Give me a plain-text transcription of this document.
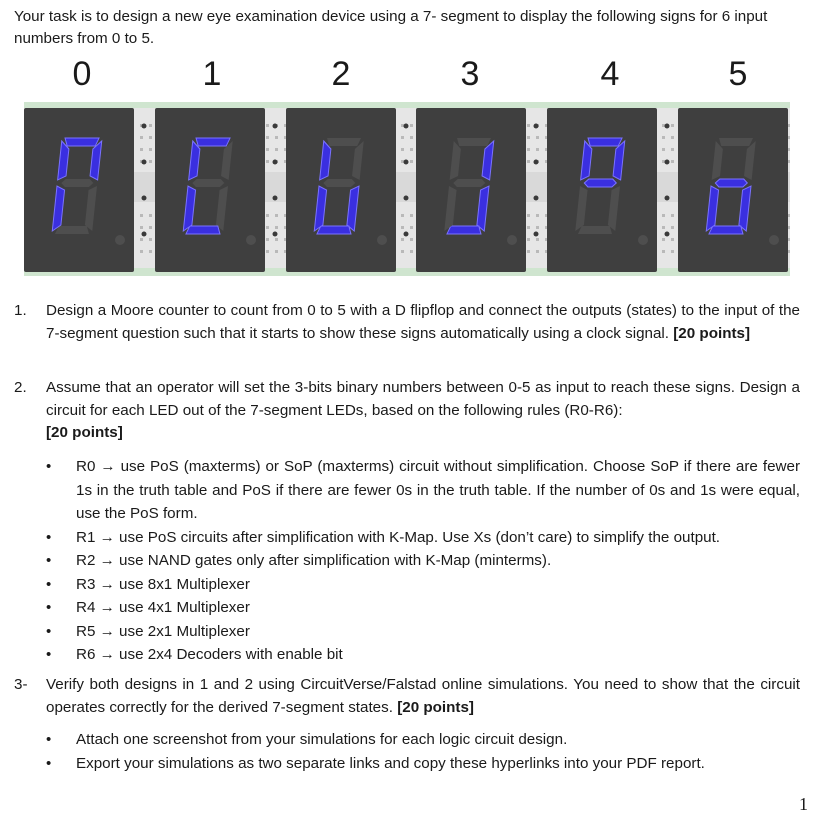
Your task is to design a new eye examination device using a 7- segment to display the following signs for 6 input numbers from 0 to 5.
0	1	2	3	4	5
1. Design a Moore counter to count from 0 to 5 with a D flipflop and connect the outputs (states) to the input of the 7-segment question such that it starts to show these signs automatically using a clock signal. [20 points]
2. Assume that an operator will set the 3-bits binary numbers between 0-5 as input to reach these signs. Design a circuit for each LED out of the 7-segment LEDs, based on the following rules (R0-R6):
[20 points]
• R0 → use PoS (maxterms) or SoP (maxterms) circuit without simplification. Choose SoP if there are fewer 1s in the truth table and PoS if there are fewer 0s in the truth table. If the number of 0s and 1s were equal, use the PoS form.
• R1 → use PoS circuits after simplification with K-Map. Use Xs (don’t care) to simplify the output.
• R2 → use NAND gates only after simplification with K-Map (minterms).
• R3 → use 8x1 Multiplexer
• R4 → use 4x1 Multiplexer
• R5 → use 2x1 Multiplexer
• R6 → use 2x4 Decoders with enable bit
3- Verify both designs in 1 and 2 using CircuitVerse/Falstad online simulations. You need to show that the circuit operates correctly for the derived 7-segment states. [20 points]
• Attach one screenshot from your simulations for each logic circuit design.
• Export your simulations as two separate links and copy these hyperlinks into your PDF report.
1
